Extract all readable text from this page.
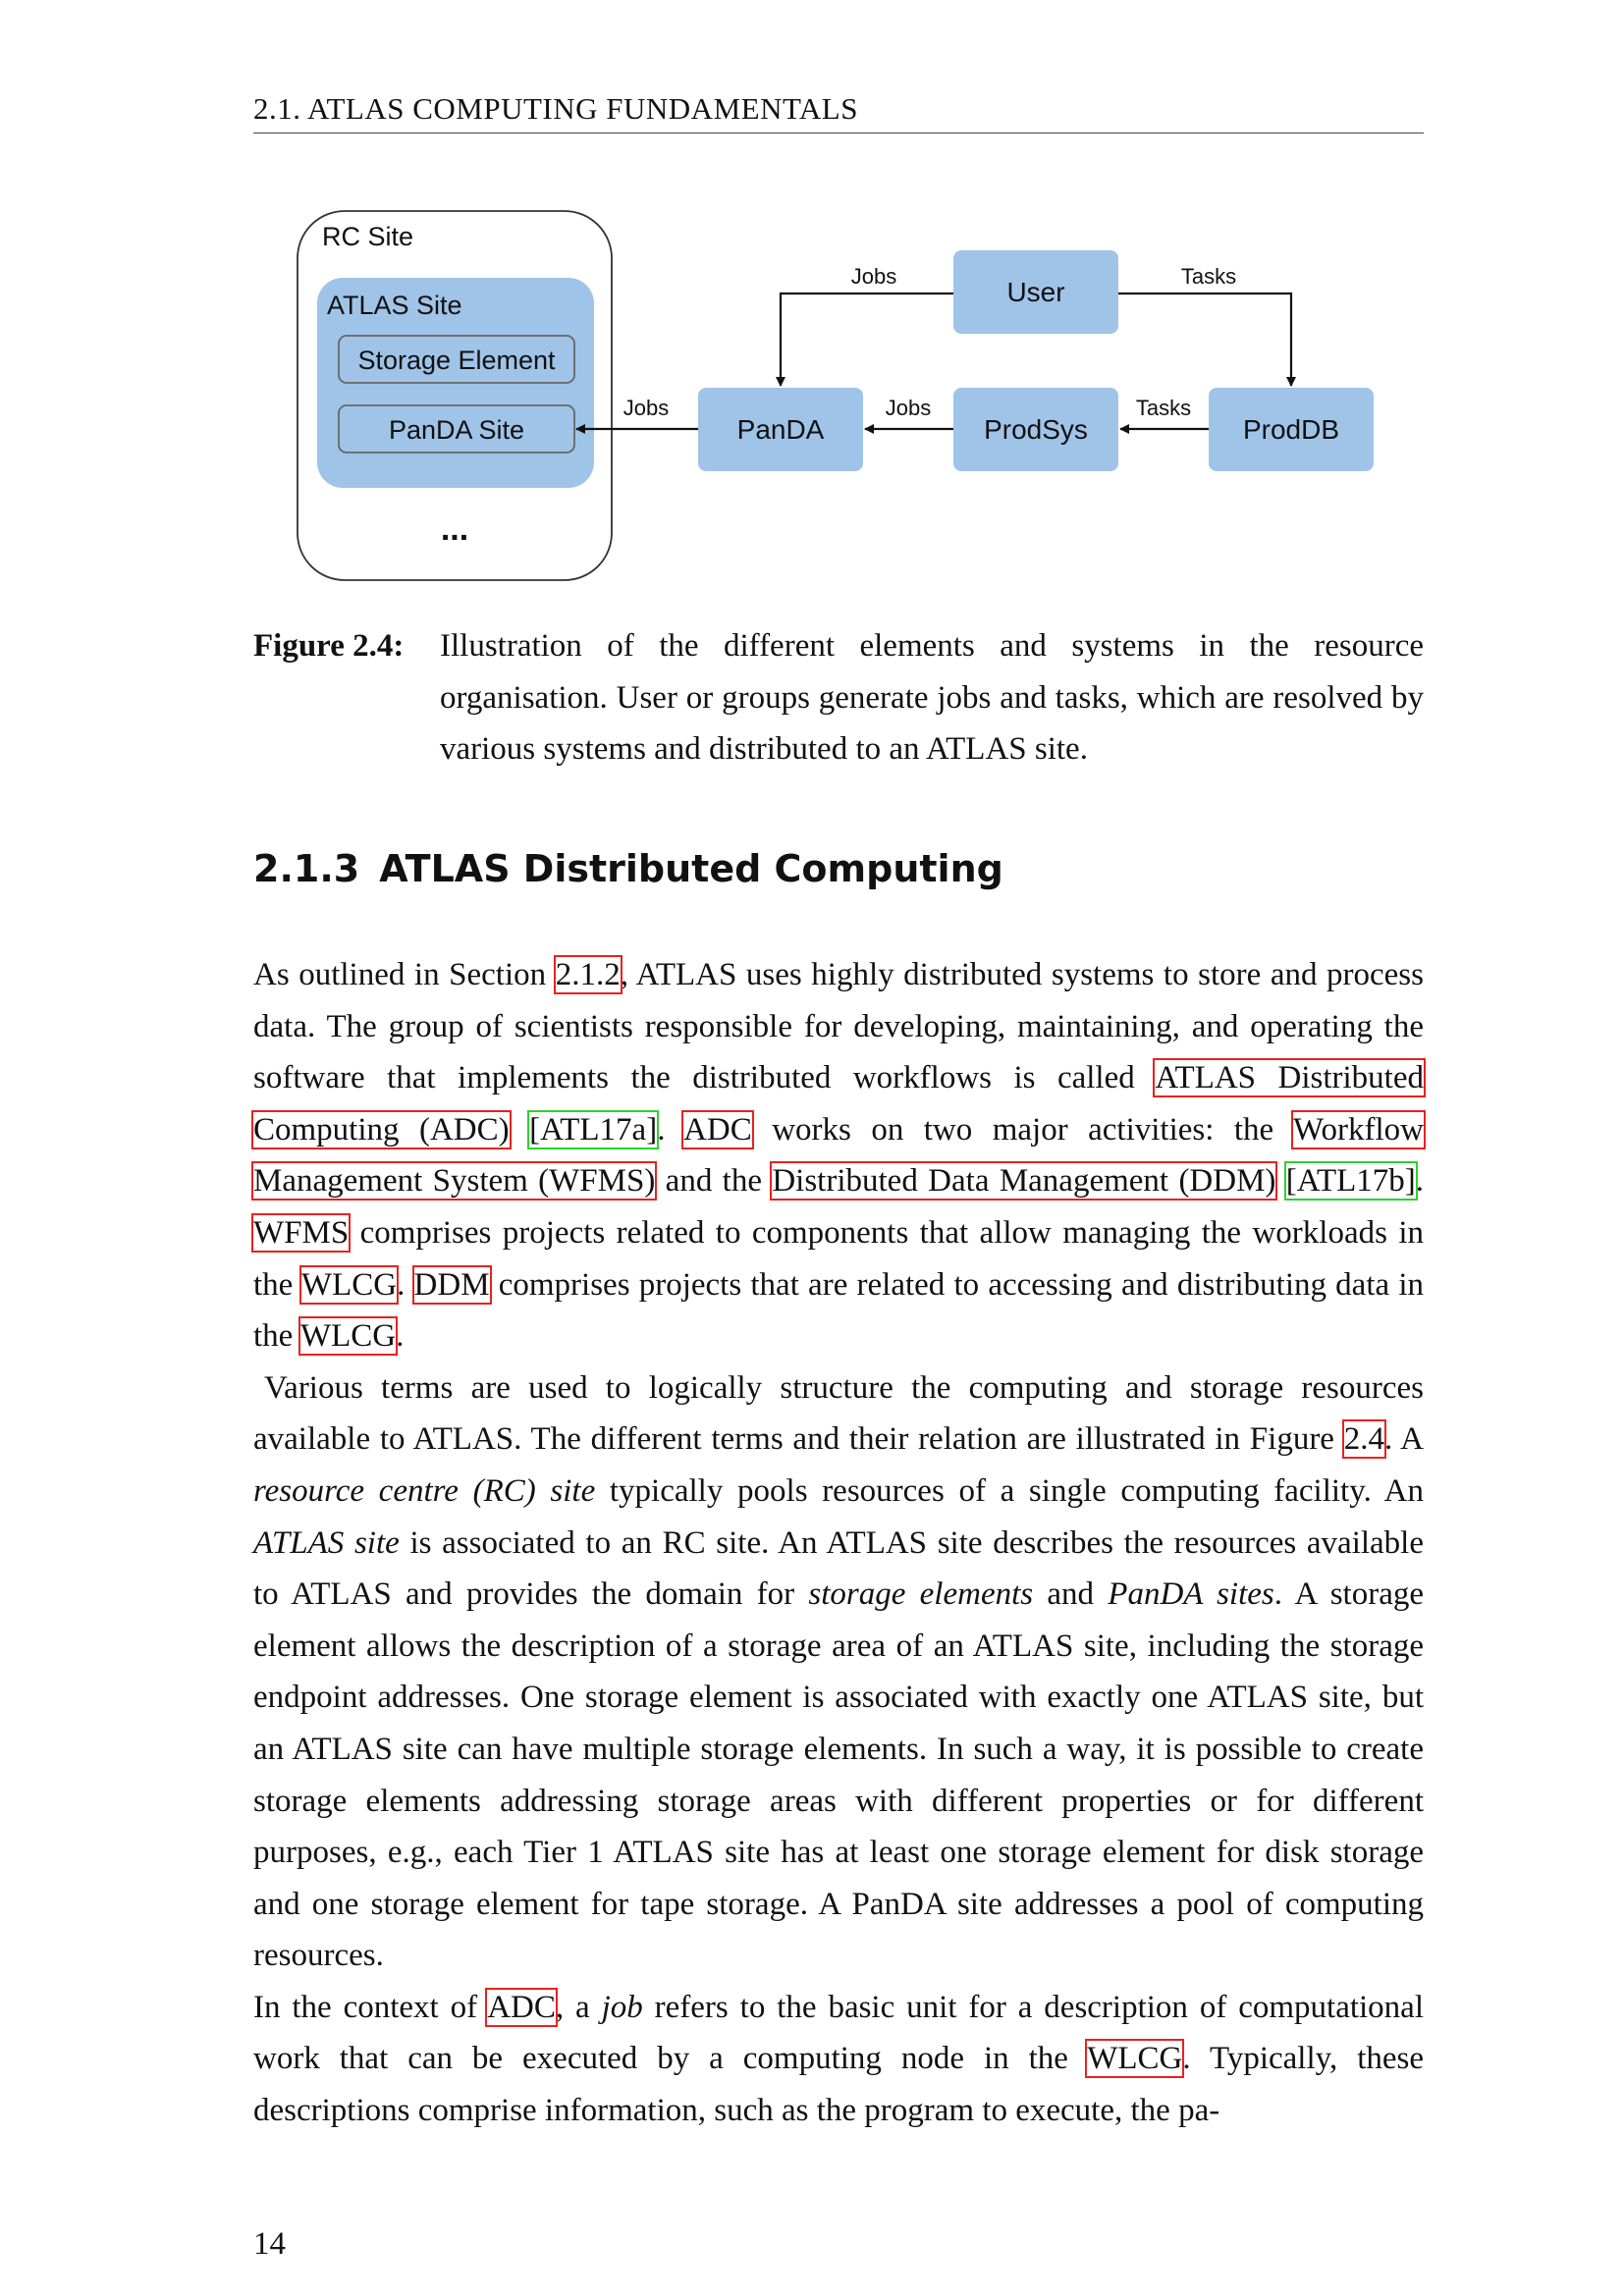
2.1. ATLAS COMPUTING FUNDAMENTALS
RC Site
ATLAS Site
Storage Element
PanDA Site
...
PanDA	ProdSys	ProdDB
User
Jobs	Jobs	Tasks
Jobs	Tasks
Figure 2.4: Illustration of the different elements and systems in the resource organisation. User or groups generate jobs and tasks, which are resolved by various systems and distributed to an ATLAS site.
2.1.3 ATLAS Distributed Computing

As outlined in Section 2.1.2, ATLAS uses highly distributed systems to store and process data. The group of scientists responsible for developing, maintaining, and operating the software that implements the distributed workflows is called ATLAS Distributed Computing (ADC) [ATL17a]. ADC works on two major activities: the Workflow Management System (WFMS) and the Distributed Data Management (DDM) [ATL17b]. WFMS comprises projects related to components that allow managing the workloads in the WLCG. DDM comprises projects that are related to accessing and distributing data in the WLCG.

Various terms are used to logically structure the computing and storage resources available to ATLAS. The different terms and their relation are illustrated in Figure 2.4. A resource centre (RC) site typically pools resources of a single computing facility. An ATLAS site is associated to an RC site. An ATLAS site describes the resources available to ATLAS and provides the domain for storage elements and PanDA sites. A storage element allows the description of a storage area of an ATLAS site, including the storage endpoint addresses. One storage element is associated with exactly one ATLAS site, but an ATLAS site can have multiple storage elements. In such a way, it is possible to create storage elements addressing storage areas with different properties or for different purposes, e.g., each Tier 1 ATLAS site has at least one storage element for disk storage and one storage element for tape storage. A PanDA site addresses a pool of computing resources.

In the context of ADC, a job refers to the basic unit for a description of computational work that can be executed by a computing node in the WLCG. Typically, these descriptions comprise information, such as the program to execute, the pa-

14
